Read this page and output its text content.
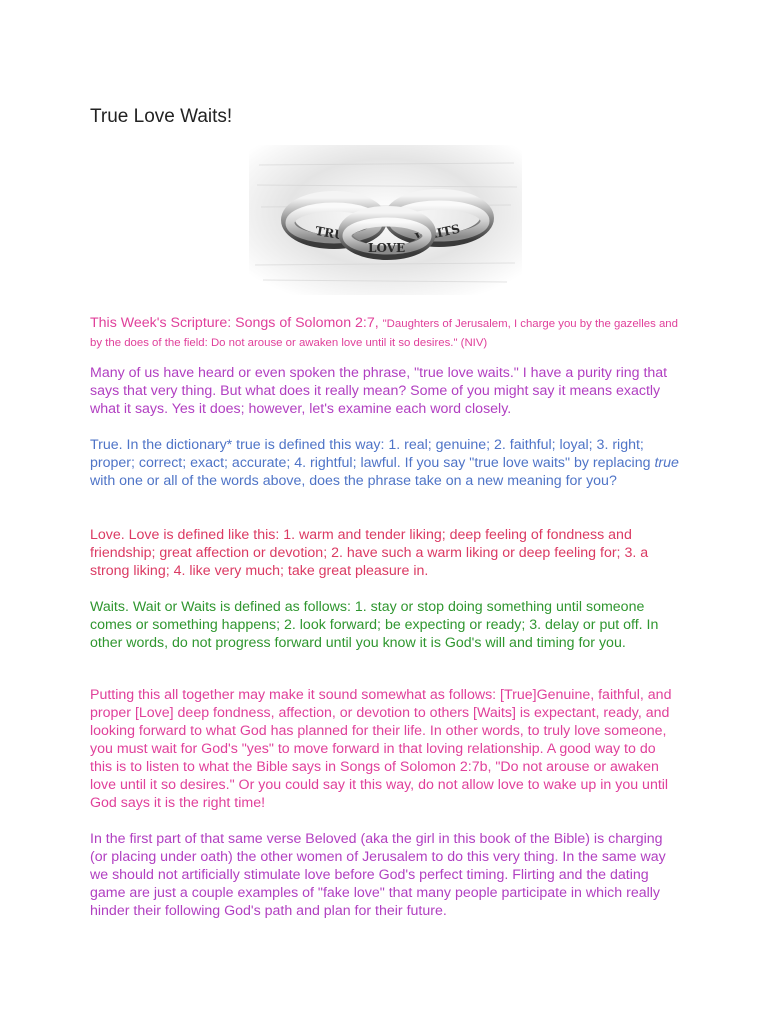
True Love Waits!
TRUE	WAITS
LOVE

This Week's Scripture: Songs of Solomon 2:7, "Daughters of Jerusalem, I charge you by the gazelles and by the does of the field: Do not arouse or awaken love until it so desires." (NIV)

Many of us have heard or even spoken the phrase, "true love waits." I have a purity ring that says that very thing. But what does it really mean? Some of you might say it means exactly what it says. Yes it does; however, let's examine each word closely.

True. In the dictionary* true is defined this way: 1. real; genuine; 2. faithful; loyal; 3. right; proper; correct; exact; accurate; 4. rightful; lawful. If you say "true love waits" by replacing true with one or all of the words above, does the phrase take on a new meaning for you?

Love. Love is defined like this: 1. warm and tender liking; deep feeling of fondness and friendship; great affection or devotion; 2. have such a warm liking or deep feeling for; 3. a strong liking; 4. like very much; take great pleasure in.

Waits. Wait or Waits is defined as follows: 1. stay or stop doing something until someone comes or something happens; 2. look forward; be expecting or ready; 3. delay or put off. In other words, do not progress forward until you know it is God's will and timing for you.

Putting this all together may make it sound somewhat as follows: [True]Genuine, faithful, and proper [Love] deep fondness, affection, or devotion to others [Waits] is expectant, ready, and looking forward to what God has planned for their life. In other words, to truly love someone, you must wait for God's "yes" to move forward in that loving relationship. A good way to do this is to listen to what the Bible says in Songs of Solomon 2:7b, "Do not arouse or awaken love until it so desires." Or you could say it this way, do not allow love to wake up in you until God says it is the right time!

In the first part of that same verse Beloved (aka the girl in this book of the Bible) is charging (or placing under oath) the other women of Jerusalem to do this very thing. In the same way we should not artificially stimulate love before God's perfect timing. Flirting and the dating game are just a couple examples of "fake love" that many people participate in which really hinder their following God's path and plan for their future.
